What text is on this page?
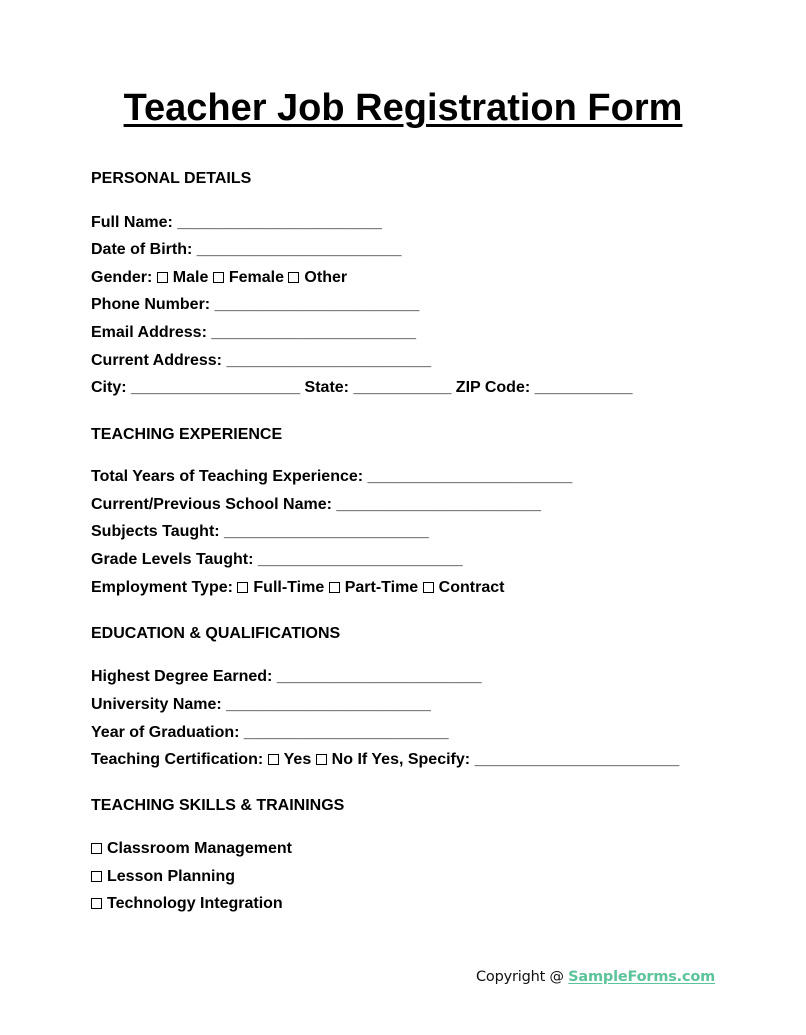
Teacher Job Registration Form
PERSONAL DETAILS
Full Name: _______________________
Date of Birth: _______________________
Gender: Male Female Other
Phone Number: _______________________
Email Address: _______________________
Current Address: _______________________
City: ___________________ State: ___________ ZIP Code: ___________
TEACHING EXPERIENCE
Total Years of Teaching Experience: _______________________
Current/Previous School Name: _______________________
Subjects Taught: _______________________
Grade Levels Taught: _______________________
Employment Type: Full-Time Part-Time Contract
EDUCATION & QUALIFICATIONS
Highest Degree Earned: _______________________
University Name: _______________________
Year of Graduation: _______________________
Teaching Certification: Yes No If Yes, Specify: _______________________
TEACHING SKILLS & TRAININGS
Classroom Management
Lesson Planning
Technology Integration
Copyright @ SampleForms.com
